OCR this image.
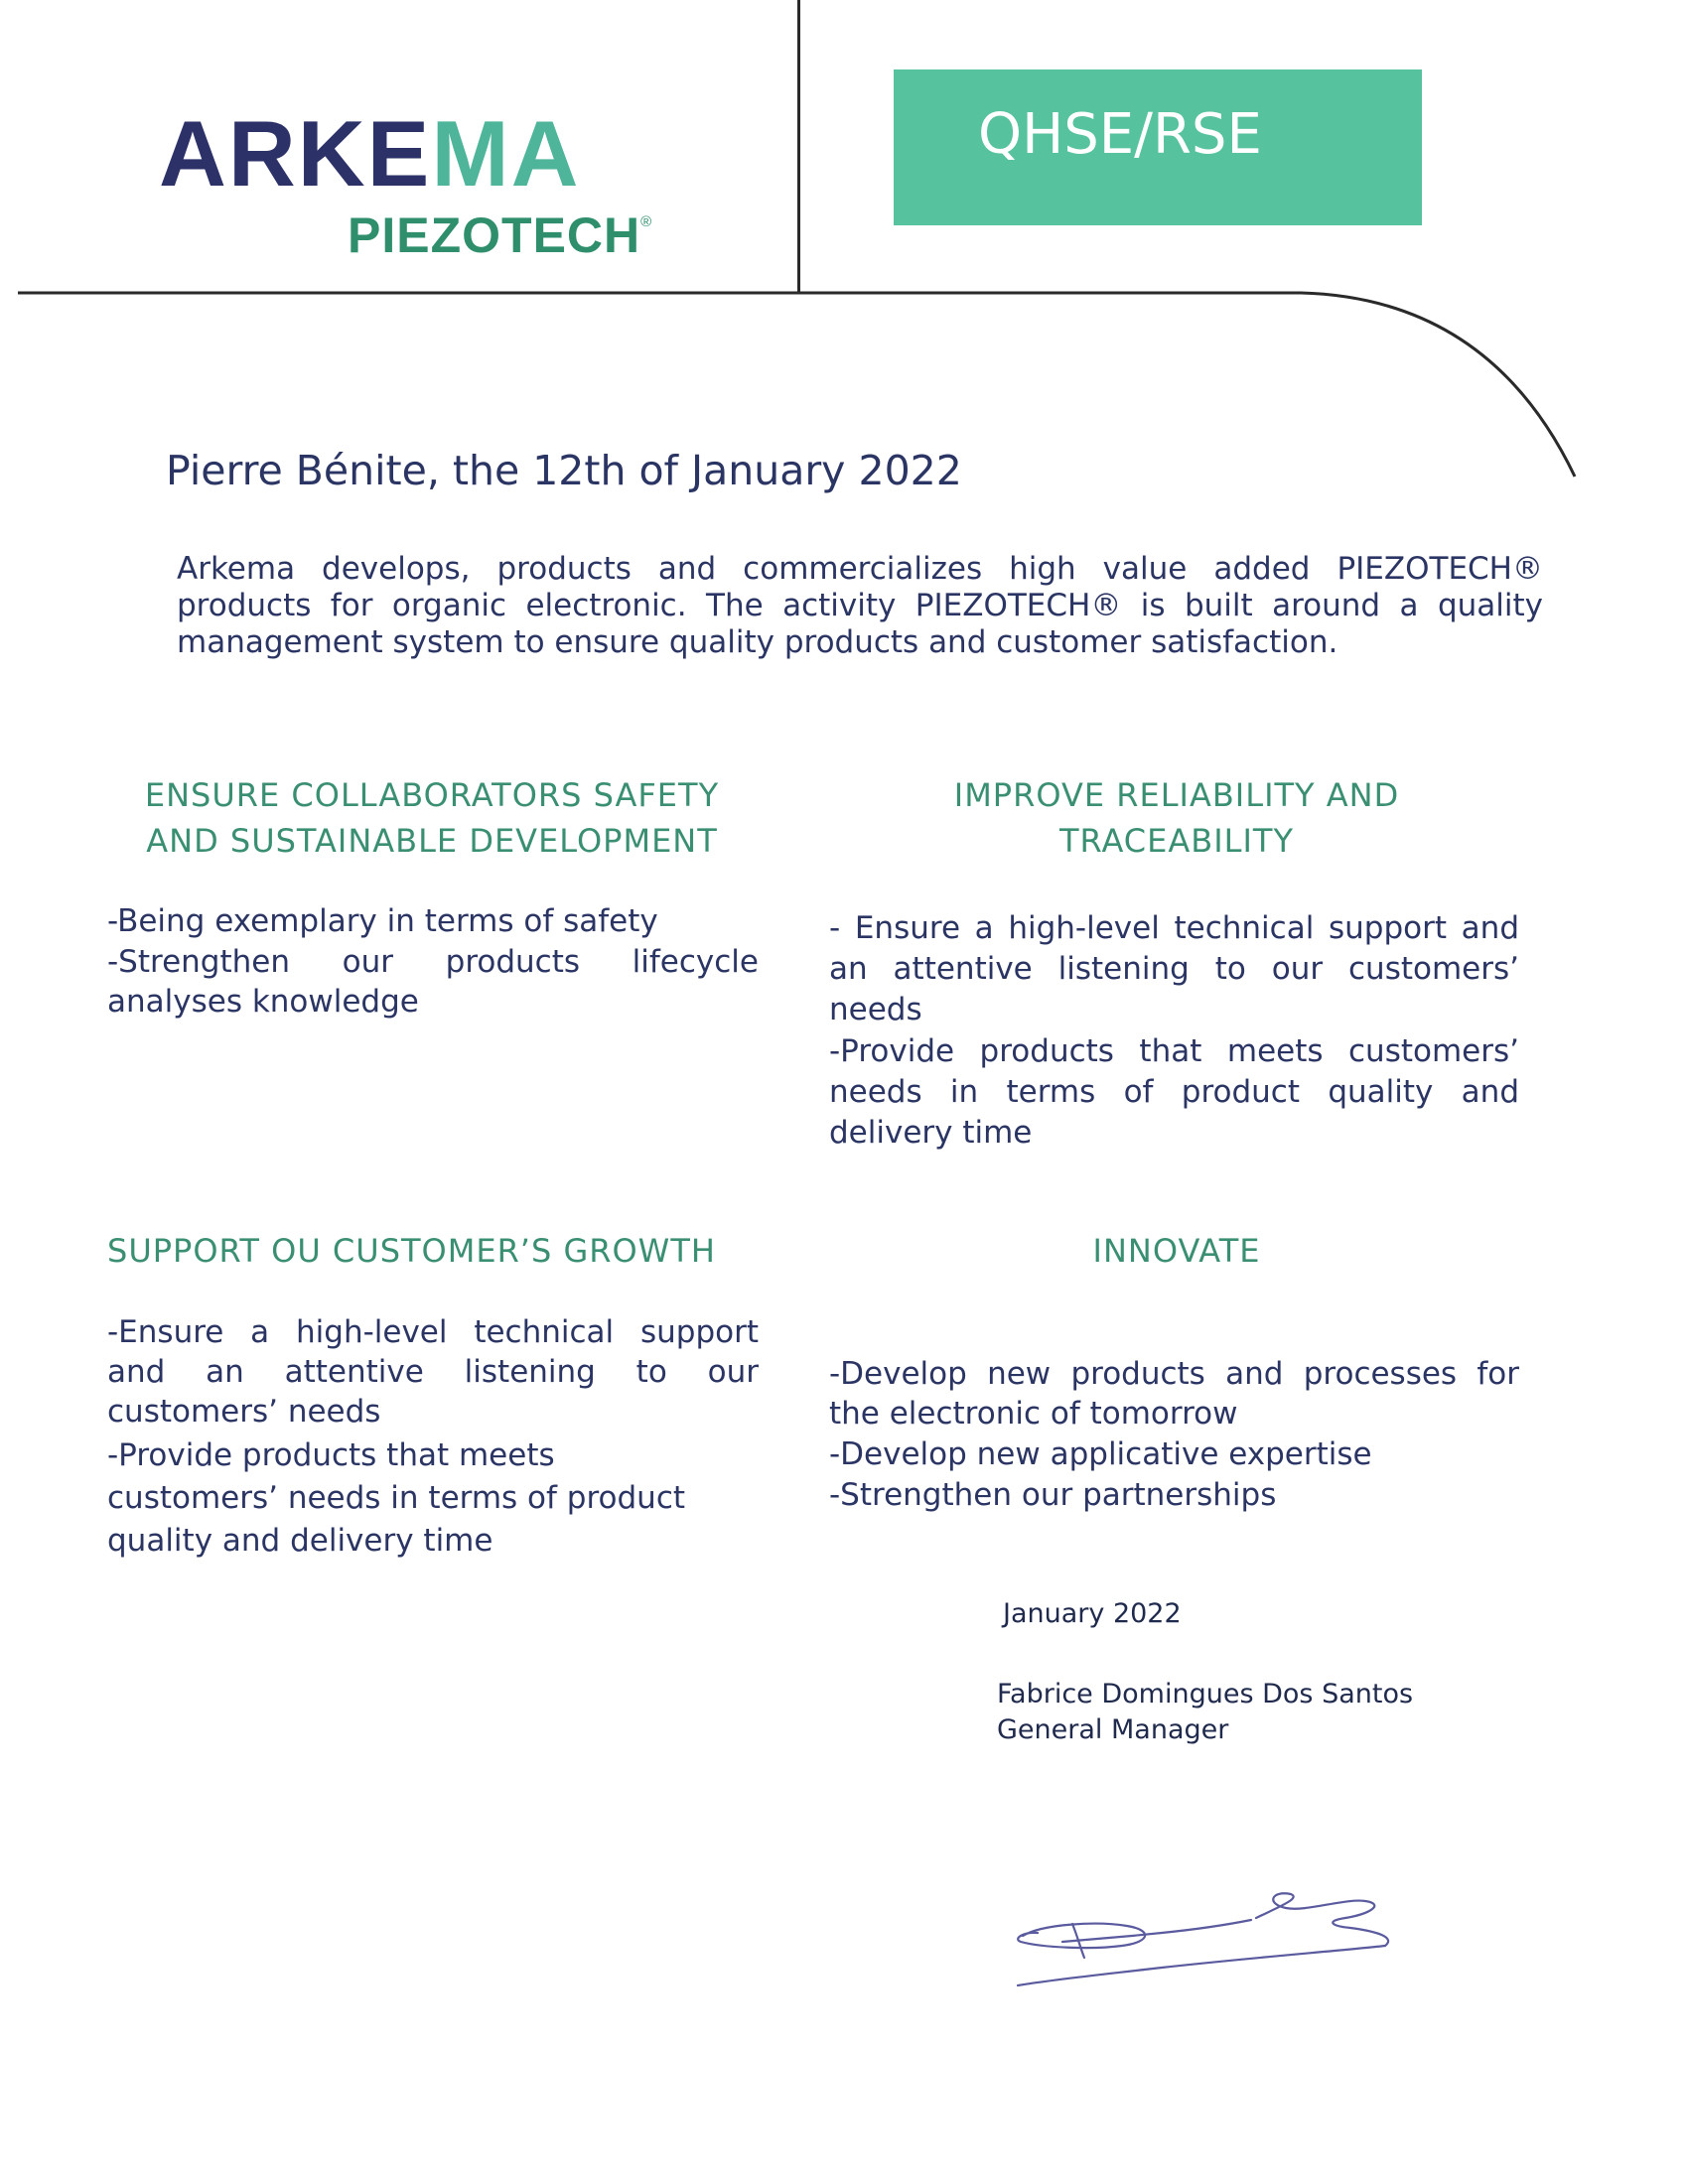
ARKEMA
PIEZOTECH®
QHSE/RSE
Pierre Bénite, the 12th of January 2022
Arkema develops, products and commercializes high value added PIEZOTECH® products for organic electronic. The activity PIEZOTECH® is built around a quality management system to ensure quality products and customer satisfaction.
ENSURE COLLABORATORS SAFETY
AND SUSTAINABLE DEVELOPMENT

-Being exemplary in terms of safety

-Strengthen our products lifecycle analyses knowledge

IMPROVE RELIABILITY AND
TRACEABILITY

- Ensure a high-level technical support and an attentive listening to our customers’ needs

-Provide products that meets customers’ needs in terms of product quality and delivery time

SUPPORT OU CUSTOMER’S GROWTH

-Ensure a high-level technical support and an attentive listening to our customers’ needs

-Provide products that meets

customers’ needs in terms of product

quality and delivery time

INNOVATE

-Develop new products and processes for the electronic of tomorrow

-Develop new applicative expertise

-Strengthen our partnerships

January 2022
Fabrice Domingues Dos Santos
General Manager
